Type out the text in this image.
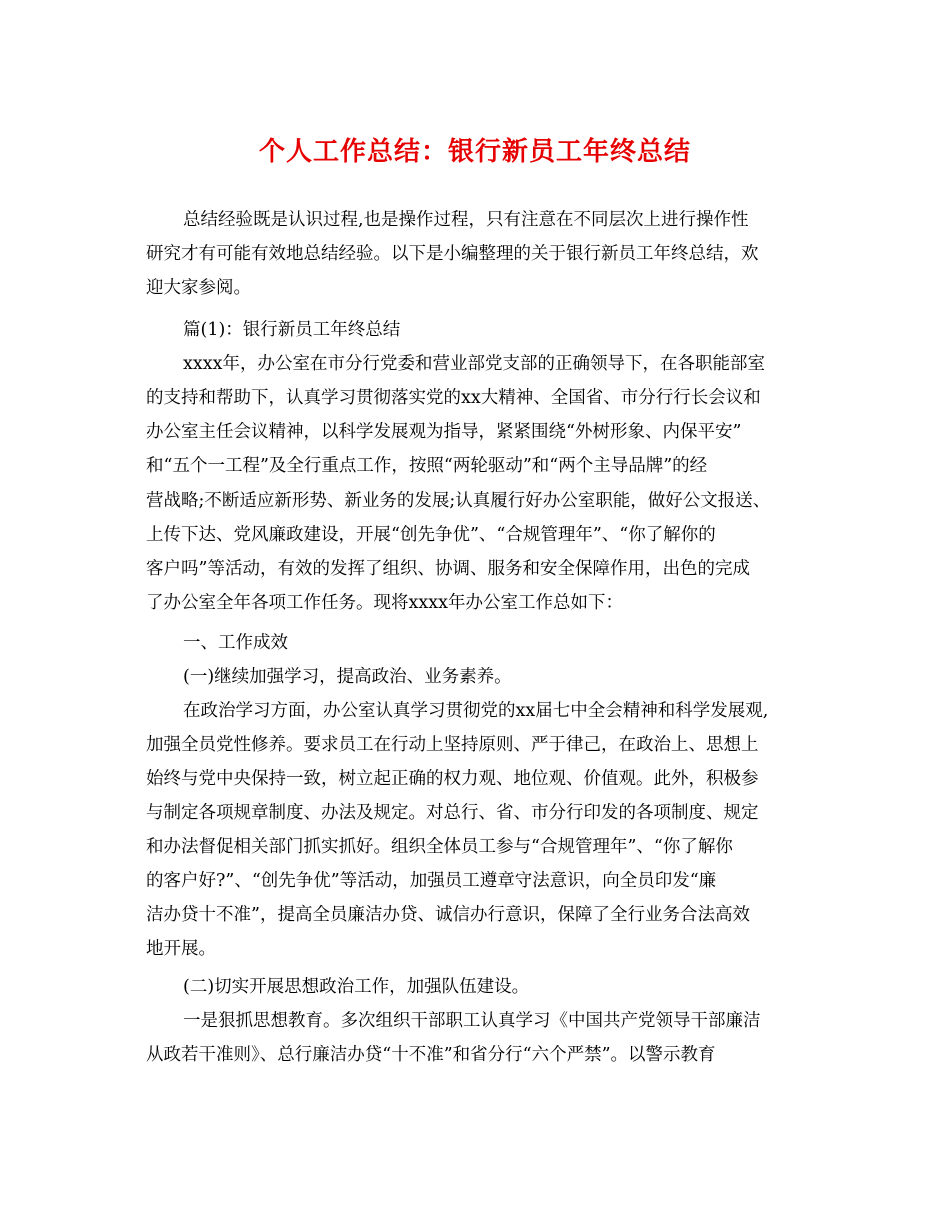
个人工作总结：银行新员工年终总结
总结经验既是认识过程,也是操作过程，只有注意在不同层次上进行操作性
研究才有可能有效地总结经验。以下是小编整理的关于银行新员工年终总结，欢
迎大家参阅。
篇(1)：银行新员工年终总结
xxxx年，办公室在市分行党委和营业部党支部的正确领导下，在各职能部室
的支持和帮助下，认真学习贯彻落实党的xx大精神、全国省、市分行行长会议和
办公室主任会议精神，以科学发展观为指导，紧紧围绕“外树形象、内保平安”
和“五个一工程”及全行重点工作，按照“两轮驱动”和“两个主导品牌”的经
营战略;不断适应新形势、新业务的发展;认真履行好办公室职能，做好公文报送、
上传下达、党风廉政建设，开展“创先争优”、“合规管理年”、“你了解你的
客户吗”等活动，有效的发挥了组织、协调、服务和安全保障作用，出色的完成
了办公室全年各项工作任务。现将xxxx年办公室工作总如下：
一、工作成效
(一)继续加强学习，提高政治、业务素养。
在政治学习方面，办公室认真学习贯彻党的xx届七中全会精神和科学发展观,
加强全员党性修养。要求员工在行动上坚持原则、严于律己，在政治上、思想上
始终与党中央保持一致，树立起正确的权力观、地位观、价值观。此外，积极参
与制定各项规章制度、办法及规定。对总行、省、市分行印发的各项制度、规定
和办法督促相关部门抓实抓好。组织全体员工参与“合规管理年”、“你了解你
的客户好?”、“创先争优”等活动，加强员工遵章守法意识，向全员印发“廉
洁办贷十不准”，提高全员廉洁办贷、诚信办行意识，保障了全行业务合法高效
地开展。
(二)切实开展思想政治工作，加强队伍建设。
一是狠抓思想教育。多次组织干部职工认真学习《中国共产党领导干部廉洁
从政若干准则》、总行廉洁办贷“十不准”和省分行“六个严禁”。以警示教育
